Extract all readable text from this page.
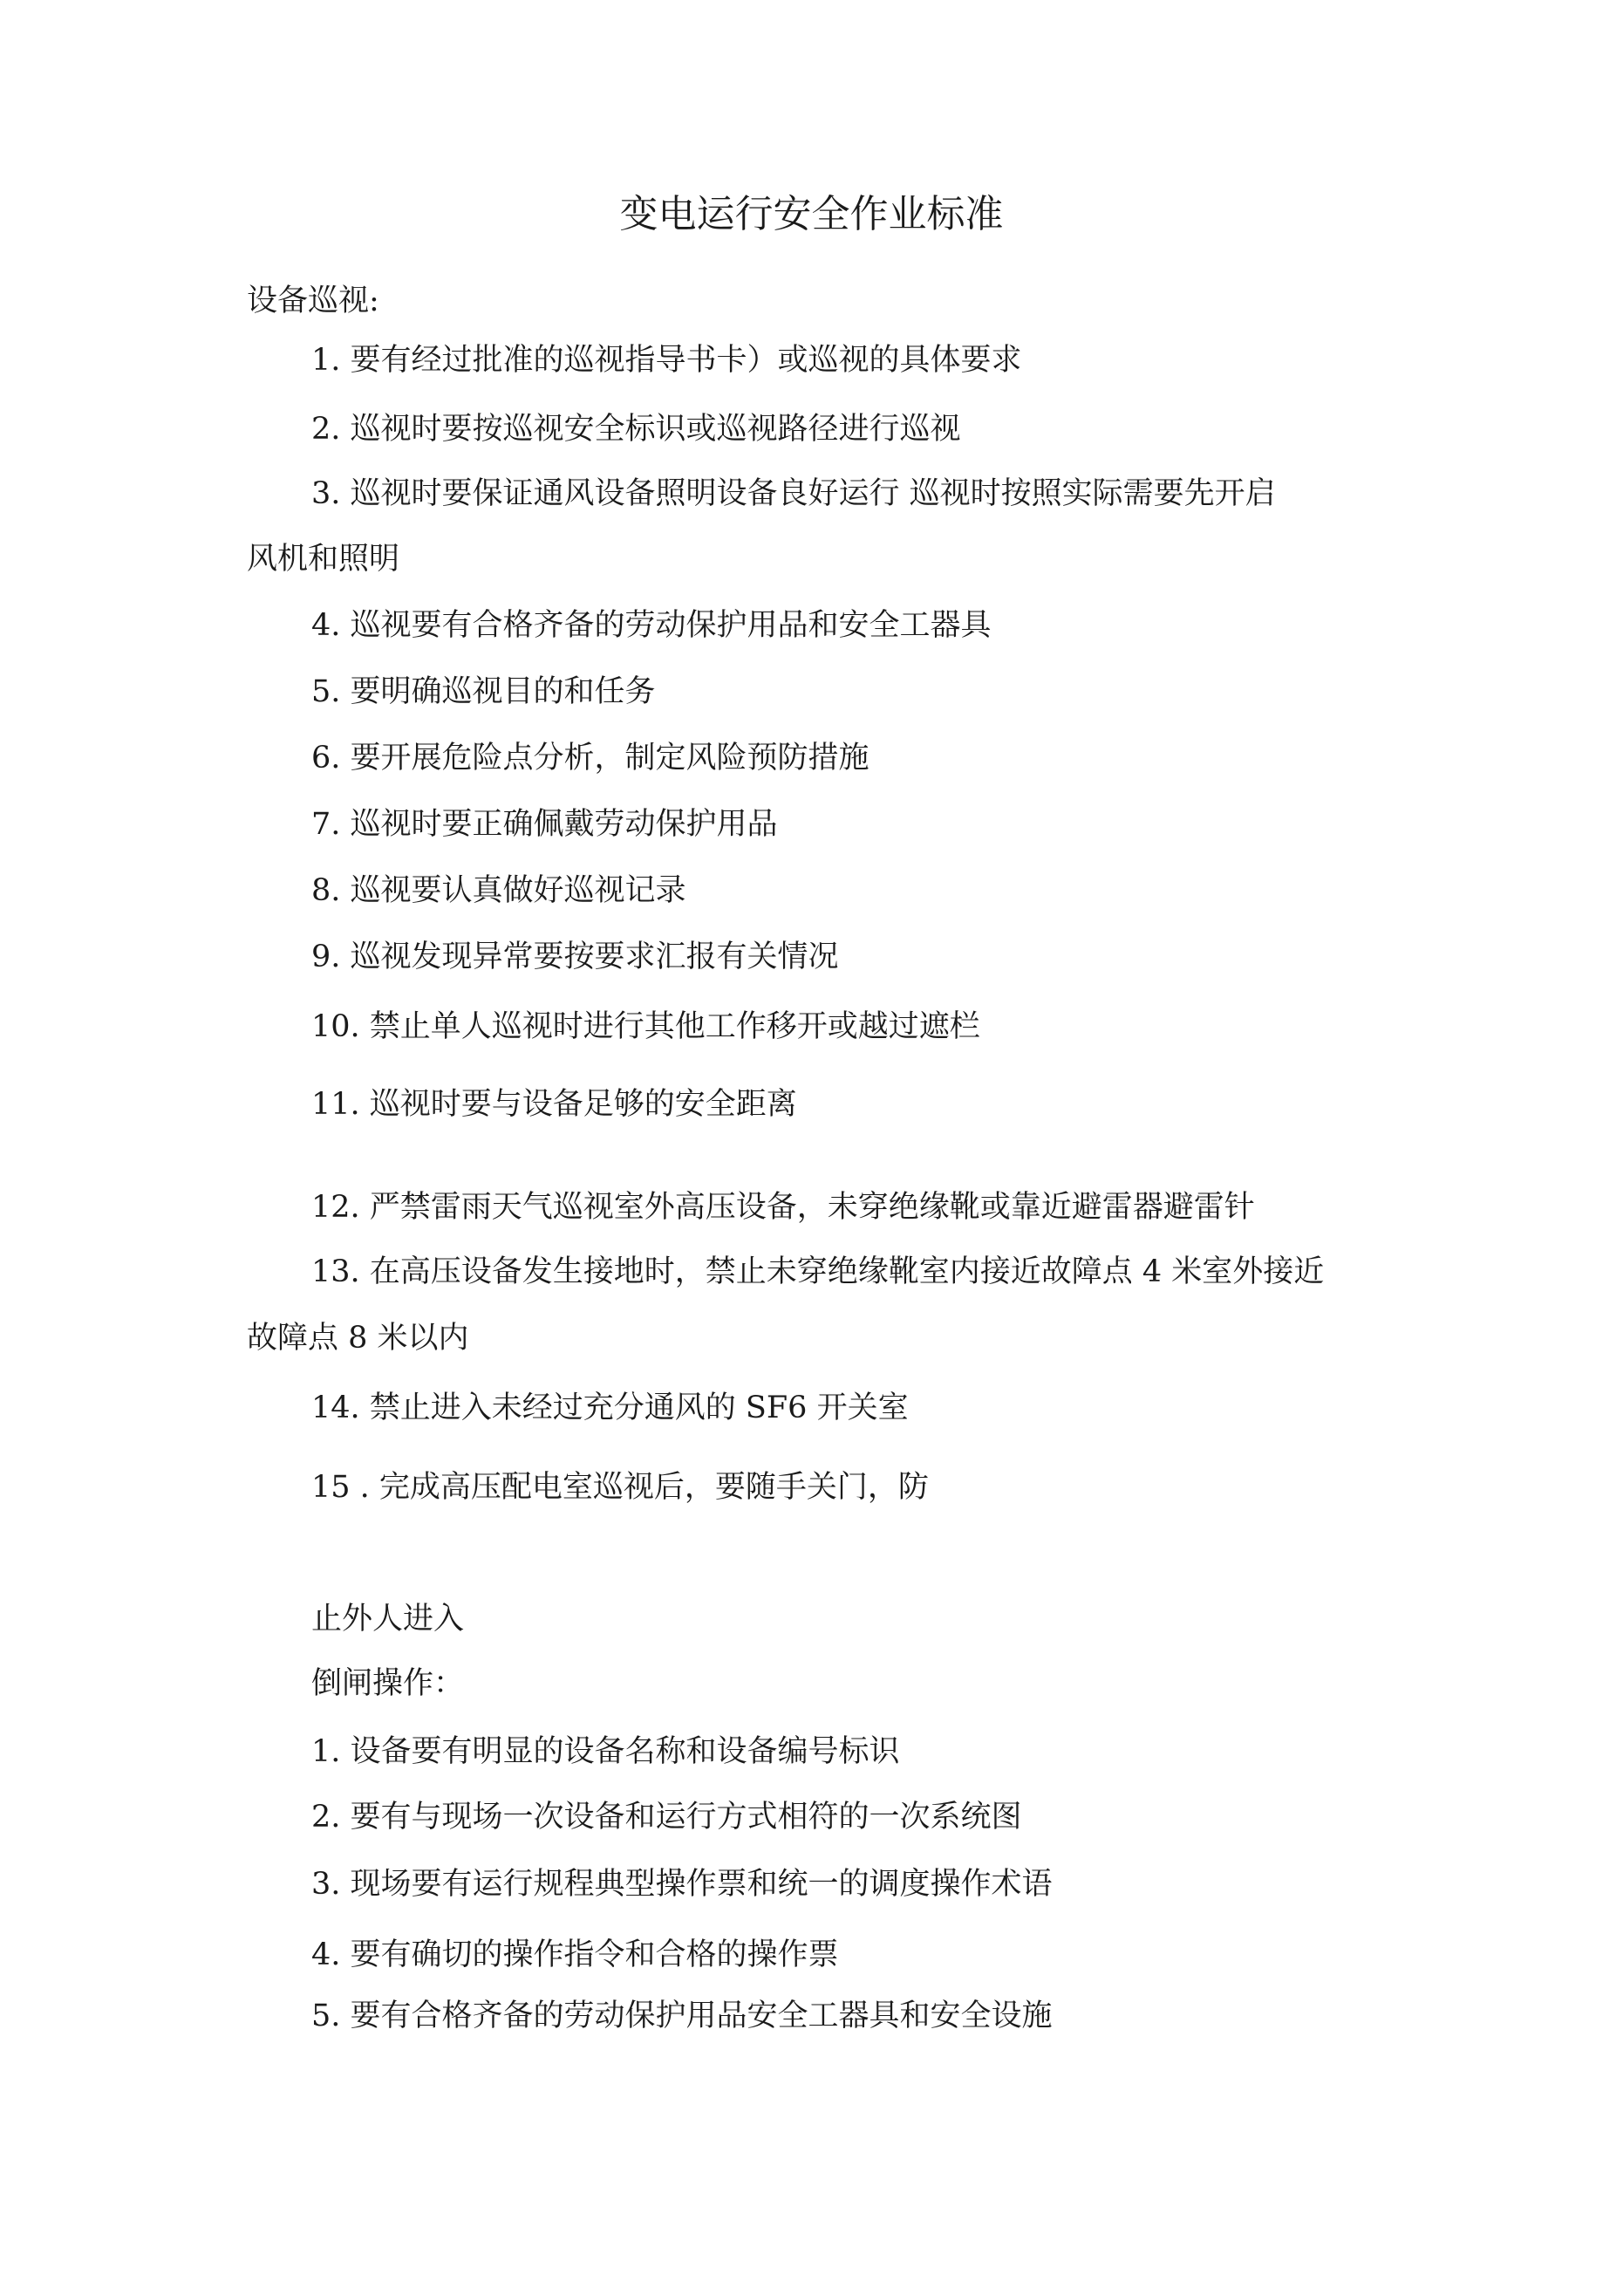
变电运行安全作业标准
设备巡视:
1. 要有经过批准的巡视指导书卡）或巡视的具体要求
2. 巡视时要按巡视安全标识或巡视路径进行巡视
3. 巡视时要保证通风设备照明设备良好运行 巡视时按照实际需要先开启
风机和照明
4. 巡视要有合格齐备的劳动保护用品和安全工器具
5. 要明确巡视目的和任务
6. 要开展危险点分析，制定风险预防措施
7. 巡视时要正确佩戴劳动保护用品
8. 巡视要认真做好巡视记录
9. 巡视发现异常要按要求汇报有关情况
10. 禁止单人巡视时进行其他工作移开或越过遮栏
11. 巡视时要与设备足够的安全距离
12. 严禁雷雨天气巡视室外高压设备，未穿绝缘靴或靠近避雷器避雷针
13. 在高压设备发生接地时，禁止未穿绝缘靴室内接近故障点 4 米室外接近
故障点 8 米以内
14. 禁止进入未经过充分通风的 SF6 开关室
15 . 完成高压配电室巡视后，要随手关门，防
止外人进入
倒闸操作：
1. 设备要有明显的设备名称和设备编号标识
2. 要有与现场一次设备和运行方式相符的一次系统图
3. 现场要有运行规程典型操作票和统一的调度操作术语
4. 要有确切的操作指令和合格的操作票
5. 要有合格齐备的劳动保护用品安全工器具和安全设施
